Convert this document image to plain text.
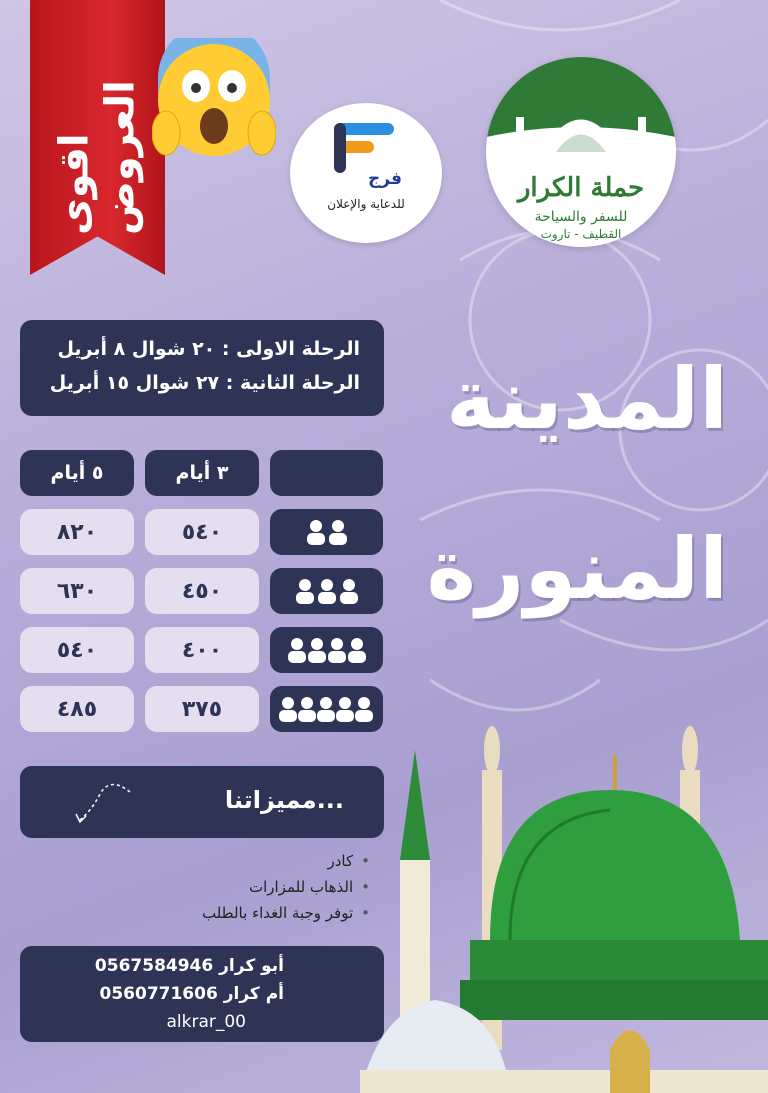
اقوى العروض	فرج
للدعاية والإعلان
حملة الكرار
للسفر والسياحة
القطيف - تاروت
الرحلة الاولى : ٢٠ شوال ٨ أبريل
الرحلة الثانية : ٢٧ شوال ١٥ أبريل المدينة
المنورة
٥ أيام	٣ أيام
٨٢٠	٥٤٠
٦٣٠	٤٥٠
٥٤٠	٤٠٠
٤٨٥	٣٧٥
مميزاتنا...
• كادر
• الذهاب للمزارات
• توفر وجبة الغداء بالطلب
أبو كرار 0567584946
أم كرار 0560771606
alkrar_00
